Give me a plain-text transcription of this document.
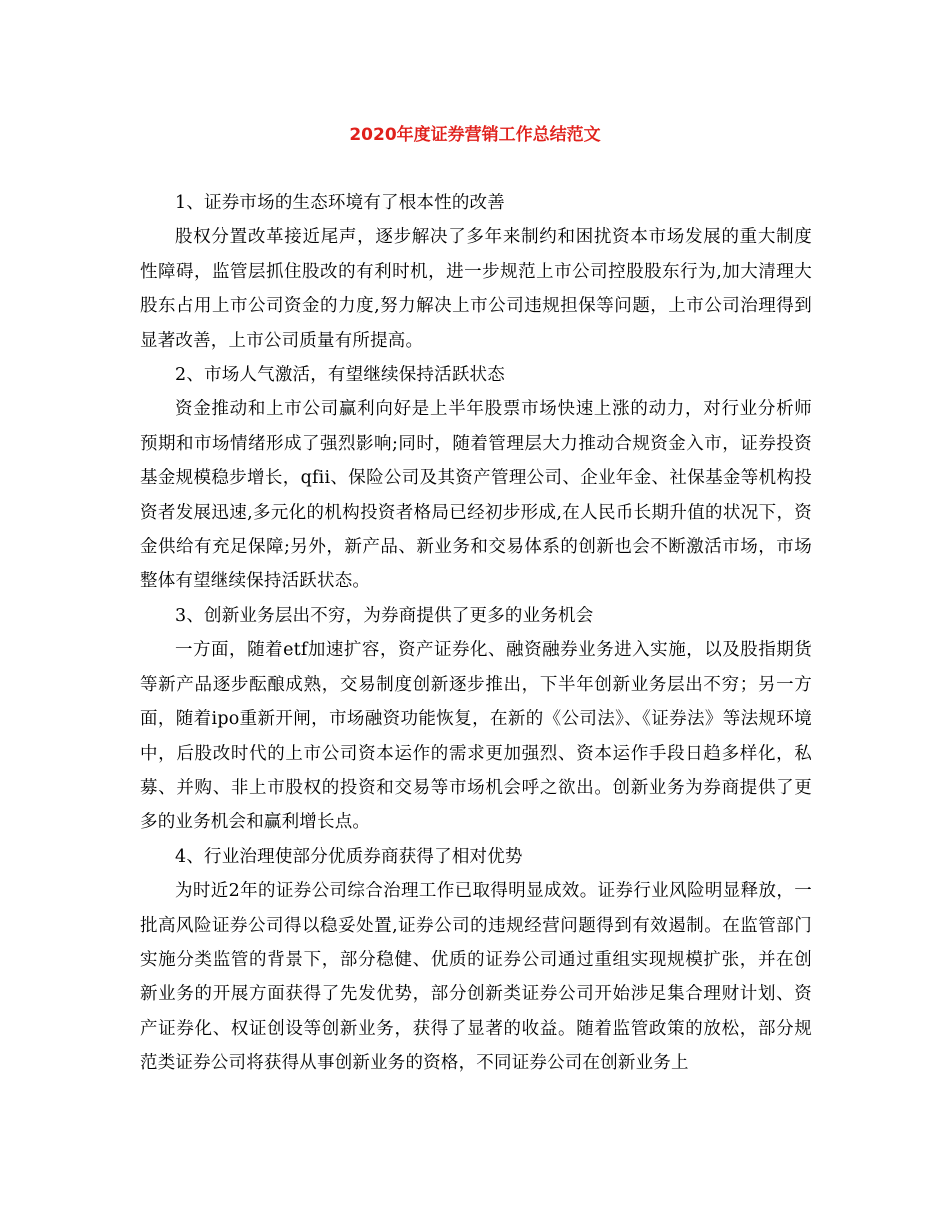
2020年度证券营销工作总结范文

1、证券市场的生态环境有了根本性的改善

股权分置改革接近尾声，逐步解决了多年来制约和困扰资本市场发展的重大制度性障碍，监管层抓住股改的有利时机，进一步规范上市公司控股股东行为,加大清理大股东占用上市公司资金的力度,努力解决上市公司违规担保等问题，上市公司治理得到显著改善，上市公司质量有所提高。

2、市场人气激活，有望继续保持活跃状态

资金推动和上市公司赢利向好是上半年股票市场快速上涨的动力，对行业分析师预期和市场情绪形成了强烈影响;同时，随着管理层大力推动合规资金入市，证券投资基金规模稳步增长，qfii、保险公司及其资产管理公司、企业年金、社保基金等机构投资者发展迅速,多元化的机构投资者格局已经初步形成,在人民币长期升值的状况下，资金供给有充足保障;另外，新产品、新业务和交易体系的创新也会不断激活市场，市场整体有望继续保持活跃状态。

3、创新业务层出不穷，为券商提供了更多的业务机会

一方面，随着etf加速扩容，资产证券化、融资融券业务进入实施，以及股指期货等新产品逐步酝酿成熟，交易制度创新逐步推出，下半年创新业务层出不穷；另一方面，随着ipo重新开闸，市场融资功能恢复，在新的《公司法》、《证券法》等法规环境中，后股改时代的上市公司资本运作的需求更加强烈、资本运作手段日趋多样化，私募、并购、非上市股权的投资和交易等市场机会呼之欲出。创新业务为券商提供了更多的业务机会和赢利增长点。

4、行业治理使部分优质券商获得了相对优势

为时近2年的证券公司综合治理工作已取得明显成效。证券行业风险明显释放，一批高风险证券公司得以稳妥处置,证券公司的违规经营问题得到有效遏制。在监管部门实施分类监管的背景下，部分稳健、优质的证券公司通过重组实现规模扩张，并在创新业务的开展方面获得了先发优势，部分创新类证券公司开始涉足集合理财计划、资产证券化、权证创设等创新业务，获得了显著的收益。随着监管政策的放松，部分规范类证券公司将获得从事创新业务的资格，不同证券公司在创新业务上
